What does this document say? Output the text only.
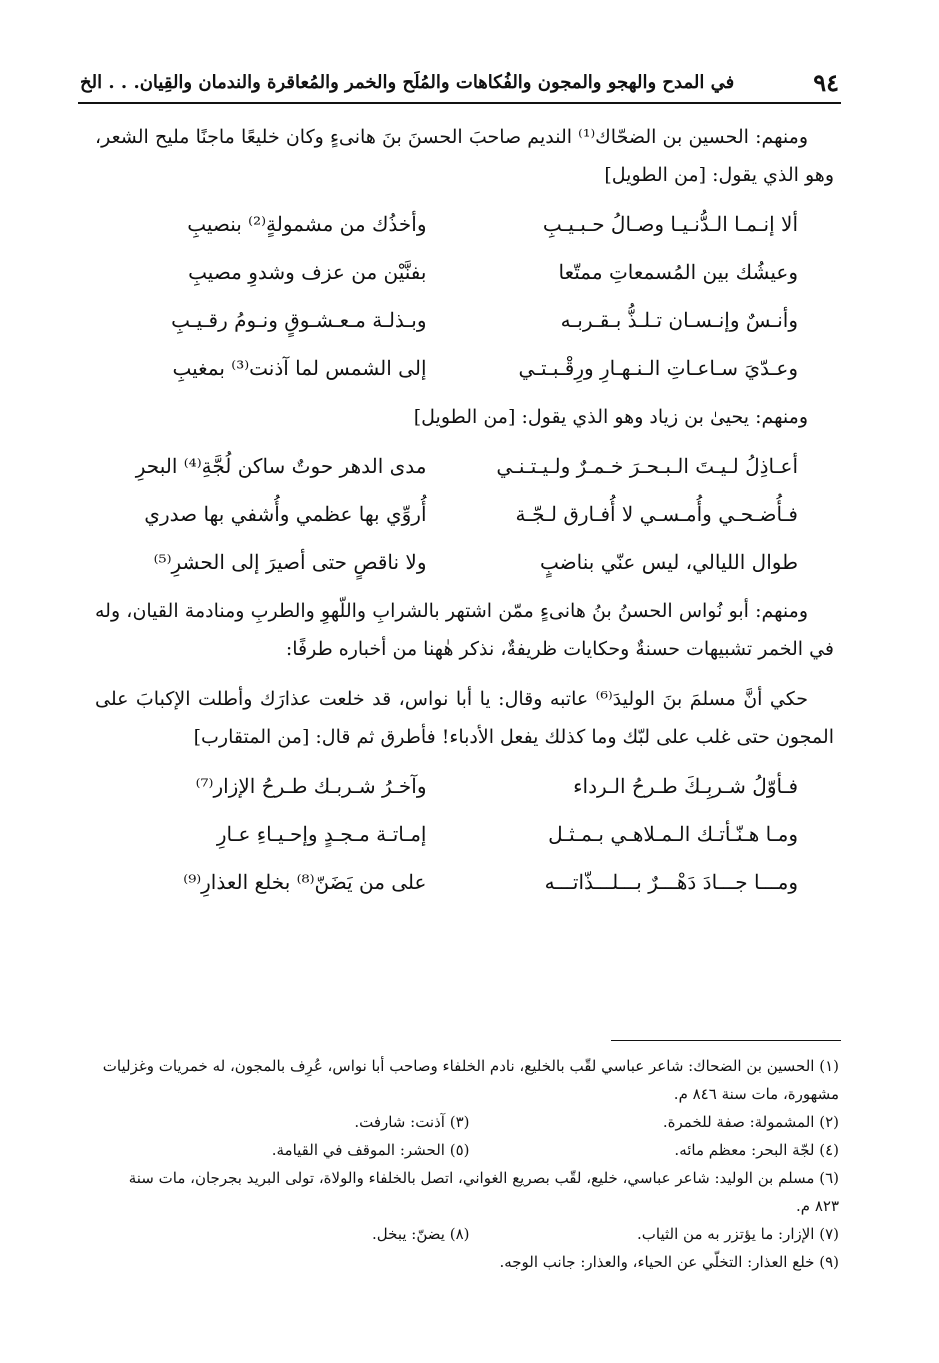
٩٤
في المدح والهجو والمجون والفُكاهات والمُلَح والخمر والمُعاقرة والندمان والقِيان. . . الخ

ومنهم: الحسين بن الضحّاك⁽¹⁾ النديم صاحبَ الحسنَ بنَ هانىءٍ وكان خليعًا ماجنًا مليح الشعر، وهو الذي يقول: [من الطويل]

ألا إنـمـا الـدُّنـيـا وصـالُ حـبـيـبِ
وأخذُك من مشمولةٍ⁽²⁾ بنصيبِ
وعيشُك بين المُسمعاتِ ممتّعا
بفنَّيْن من عزف وشدوِ مصيبِ
وأنـسٌ وإنـسـان تـلـذُّ بـقـربـه
وبـذلـة مـعـشـوقٍ ونـومُ رقـيـبِ
وعـدّيَ سـاعـاتِ الـنـهـارِ ورِقْـبـتـي
إلى الشمس لما آذنت⁽³⁾ بمغيبِ

ومنهم: يحيىٰ بن زياد وهو الذي يقول: [من الطويل]

أعـاذِلُ لـيـتَ الـبـحـرَ خـمـرٌ ولـيـتـنـي
مدى الدهر حوتٌ ساكن لُجَّةِ⁽⁴⁾ البحرِ
فـأُضـحـي وأُمـسـي لا أُفـارق لـجّـة
أُروِّي بها عظمي وأُشفي بها صدري
طوال الليالي، ليس عنّي بناضبٍ
ولا ناقصٍ حتى أصيرَ إلى الحشرِ⁽⁵⁾

ومنهم: أبو نُواس الحسنُ بنُ هانىءٍ ممّن اشتهر بالشرابِ واللّهوِ والطربِ ومنادمة القيان، وله في الخمر تشبيهات حسنةٌ وحكايات ظريفةٌ، نذكر هٰهنا من أخباره طرفًا:

حكي أنَّ مسلمَ بنَ الوليدَ⁽⁶⁾ عاتبه وقال: يا أبا نواس، قد خلعت عذارَك وأطلت الإكبابَ على المجون حتى غلب على لبّك وما كذلك يفعل الأدباء! فأطرق ثم قال: [من المتقارب]

فـأوّلُ شـربِـكَ طـرحُ الـرداء
وآخـرُ شـربـك طـرحُ الإزار⁽⁷⁾
ومـا هـنّـأتـك الـمـلاهـي بـمـثـل
إمـاتـة مـجـدٍ وإحـيـاءِ عـارِ
ومـــا جـــادَ دَهْـــرٌ بـــلـــذّاتـــه
على من يَضَنّ⁽⁸⁾ بخلع العذارِ⁽⁹⁾

(١) الحسين بن الضحاك: شاعر عباسي لقّب بالخليع، نادم الخلفاء وصاحب أبا نواس، عُرِف بالمجون، له خمريات وغزليات مشهورة، مات سنة ٨٤٦ م.

(٢) المشمولة: صفة للخمرة.
(٣) آذنت: شارفت.
(٤) لجّة البحر: معظم مائه.
(٥) الحشر: الموقف في القيامة.

(٦) مسلم بن الوليد: شاعر عباسي، خليع، لقّب بصريع الغواني، اتصل بالخلفاء والولاة، تولى البريد بجرجان، مات سنة ٨٢٣ م.

(٧) الإزار: ما يؤتزر به من الثياب.
(٨) يضنّ: يبخل.

(٩) خلع العذار: التخلّي عن الحياء، والعذار: جانب الوجه.
